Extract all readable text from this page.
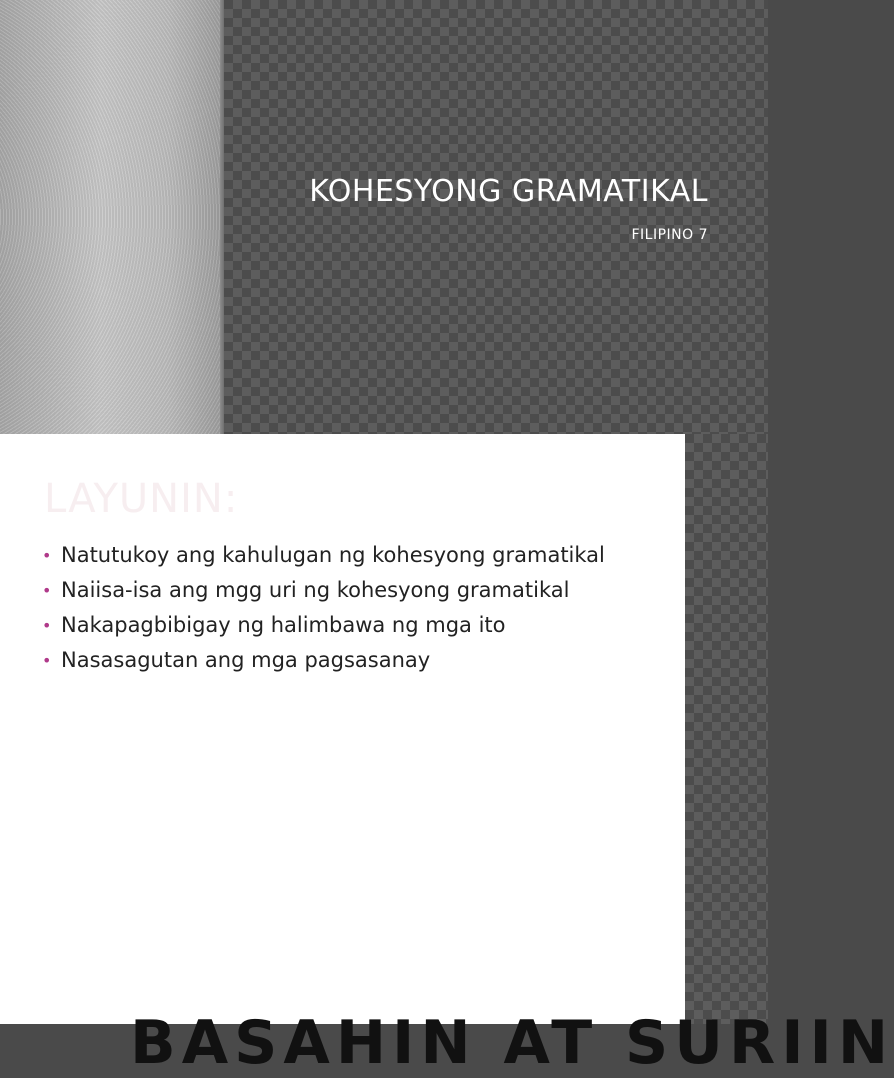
KOHESYONG GRAMATIKAL
FILIPINO 7
LAYUNIN:
• Natutukoy ang kahulugan ng kohesyong gramatikal
• Naiisa-isa ang mgg uri ng kohesyong gramatikal
• Nakapagbibigay ng halimbawa ng mga ito
• Nasasagutan ang mga pagsasanay
BASAHIN AT SURIIN
